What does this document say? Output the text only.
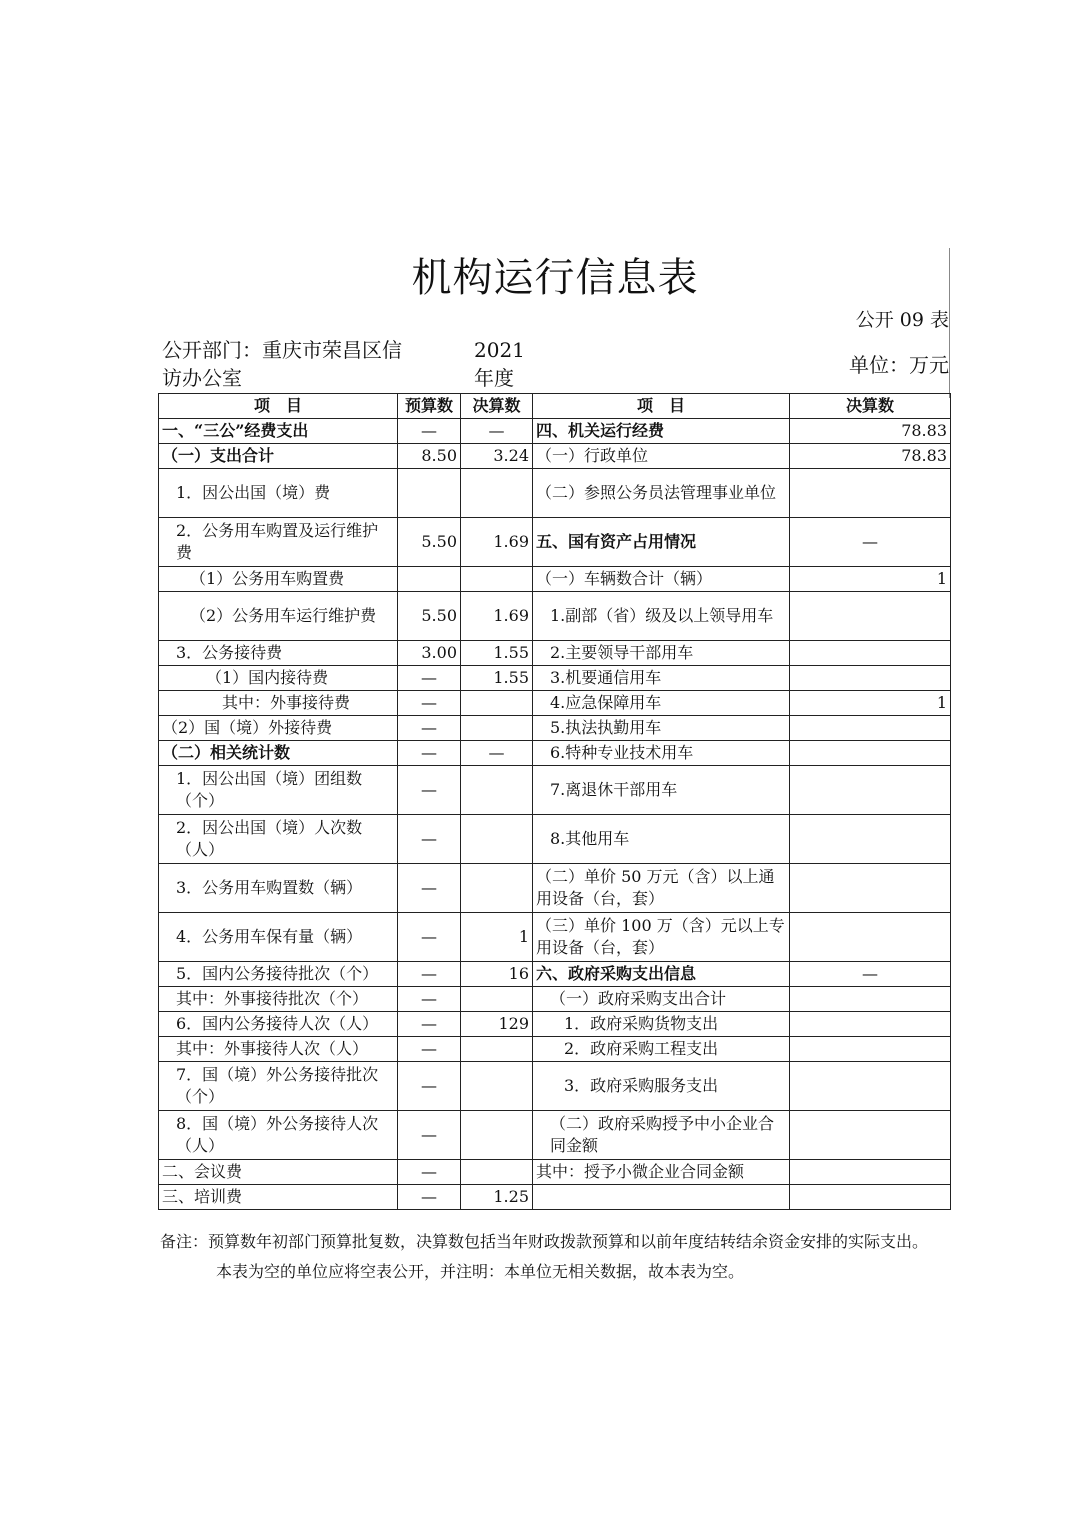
机构运行信息表
公开 09 表
公开部门：重庆市荣昌区信访办公室
2021年度
单位：万元
项　目	预算数	决算数	项　目	决算数
一、“三公”经费支出	—	—	四、机关运行经费	78.83
（一）支出合计	8.50	3.24	（一）行政单位	78.83
1．因公出国（境）费			（二）参照公务员法管理事业单位	
2．公务用车购置及运行维护费	5.50	1.69	五、国有资产占用情况	—
（1）公务用车购置费			（一）车辆数合计（辆）	1
（2）公务用车运行维护费	5.50	1.69	1.副部（省）级及以上领导用车	
3．公务接待费	3.00	1.55	2.主要领导干部用车	
（1）国内接待费	—	1.55	3.机要通信用车	
其中：外事接待费	—		4.应急保障用车	1
（2）国（境）外接待费	—		5.执法执勤用车	
（二）相关统计数	—	—	6.特种专业技术用车	
1．因公出国（境）团组数（个）	—		7.离退休干部用车	
2．因公出国（境）人次数（人）	—		8.其他用车	
3．公务用车购置数（辆）	—		（二）单价 50 万元（含）以上通用设备（台，套）	
4．公务用车保有量（辆）	—	1	（三）单价 100 万（含）元以上专用设备（台，套）	
5．国内公务接待批次（个）	—	16	六、政府采购支出信息	—
其中：外事接待批次（个）	—		（一）政府采购支出合计	
6．国内公务接待人次（人）	—	129	1．政府采购货物支出	
其中：外事接待人次（人）	—		2．政府采购工程支出	
7．国（境）外公务接待批次（个）	—		3．政府采购服务支出	
8．国（境）外公务接待人次（人）	—		（二）政府采购授予中小企业合同金额	
二、会议费	—		其中：授予小微企业合同金额	
三、培训费	—	1.25		

备注：预算数年初部门预算批复数，决算数包括当年财政拨款预算和以前年度结转结余资金安排的实际支出。

本表为空的单位应将空表公开，并注明：本单位无相关数据，故本表为空。
